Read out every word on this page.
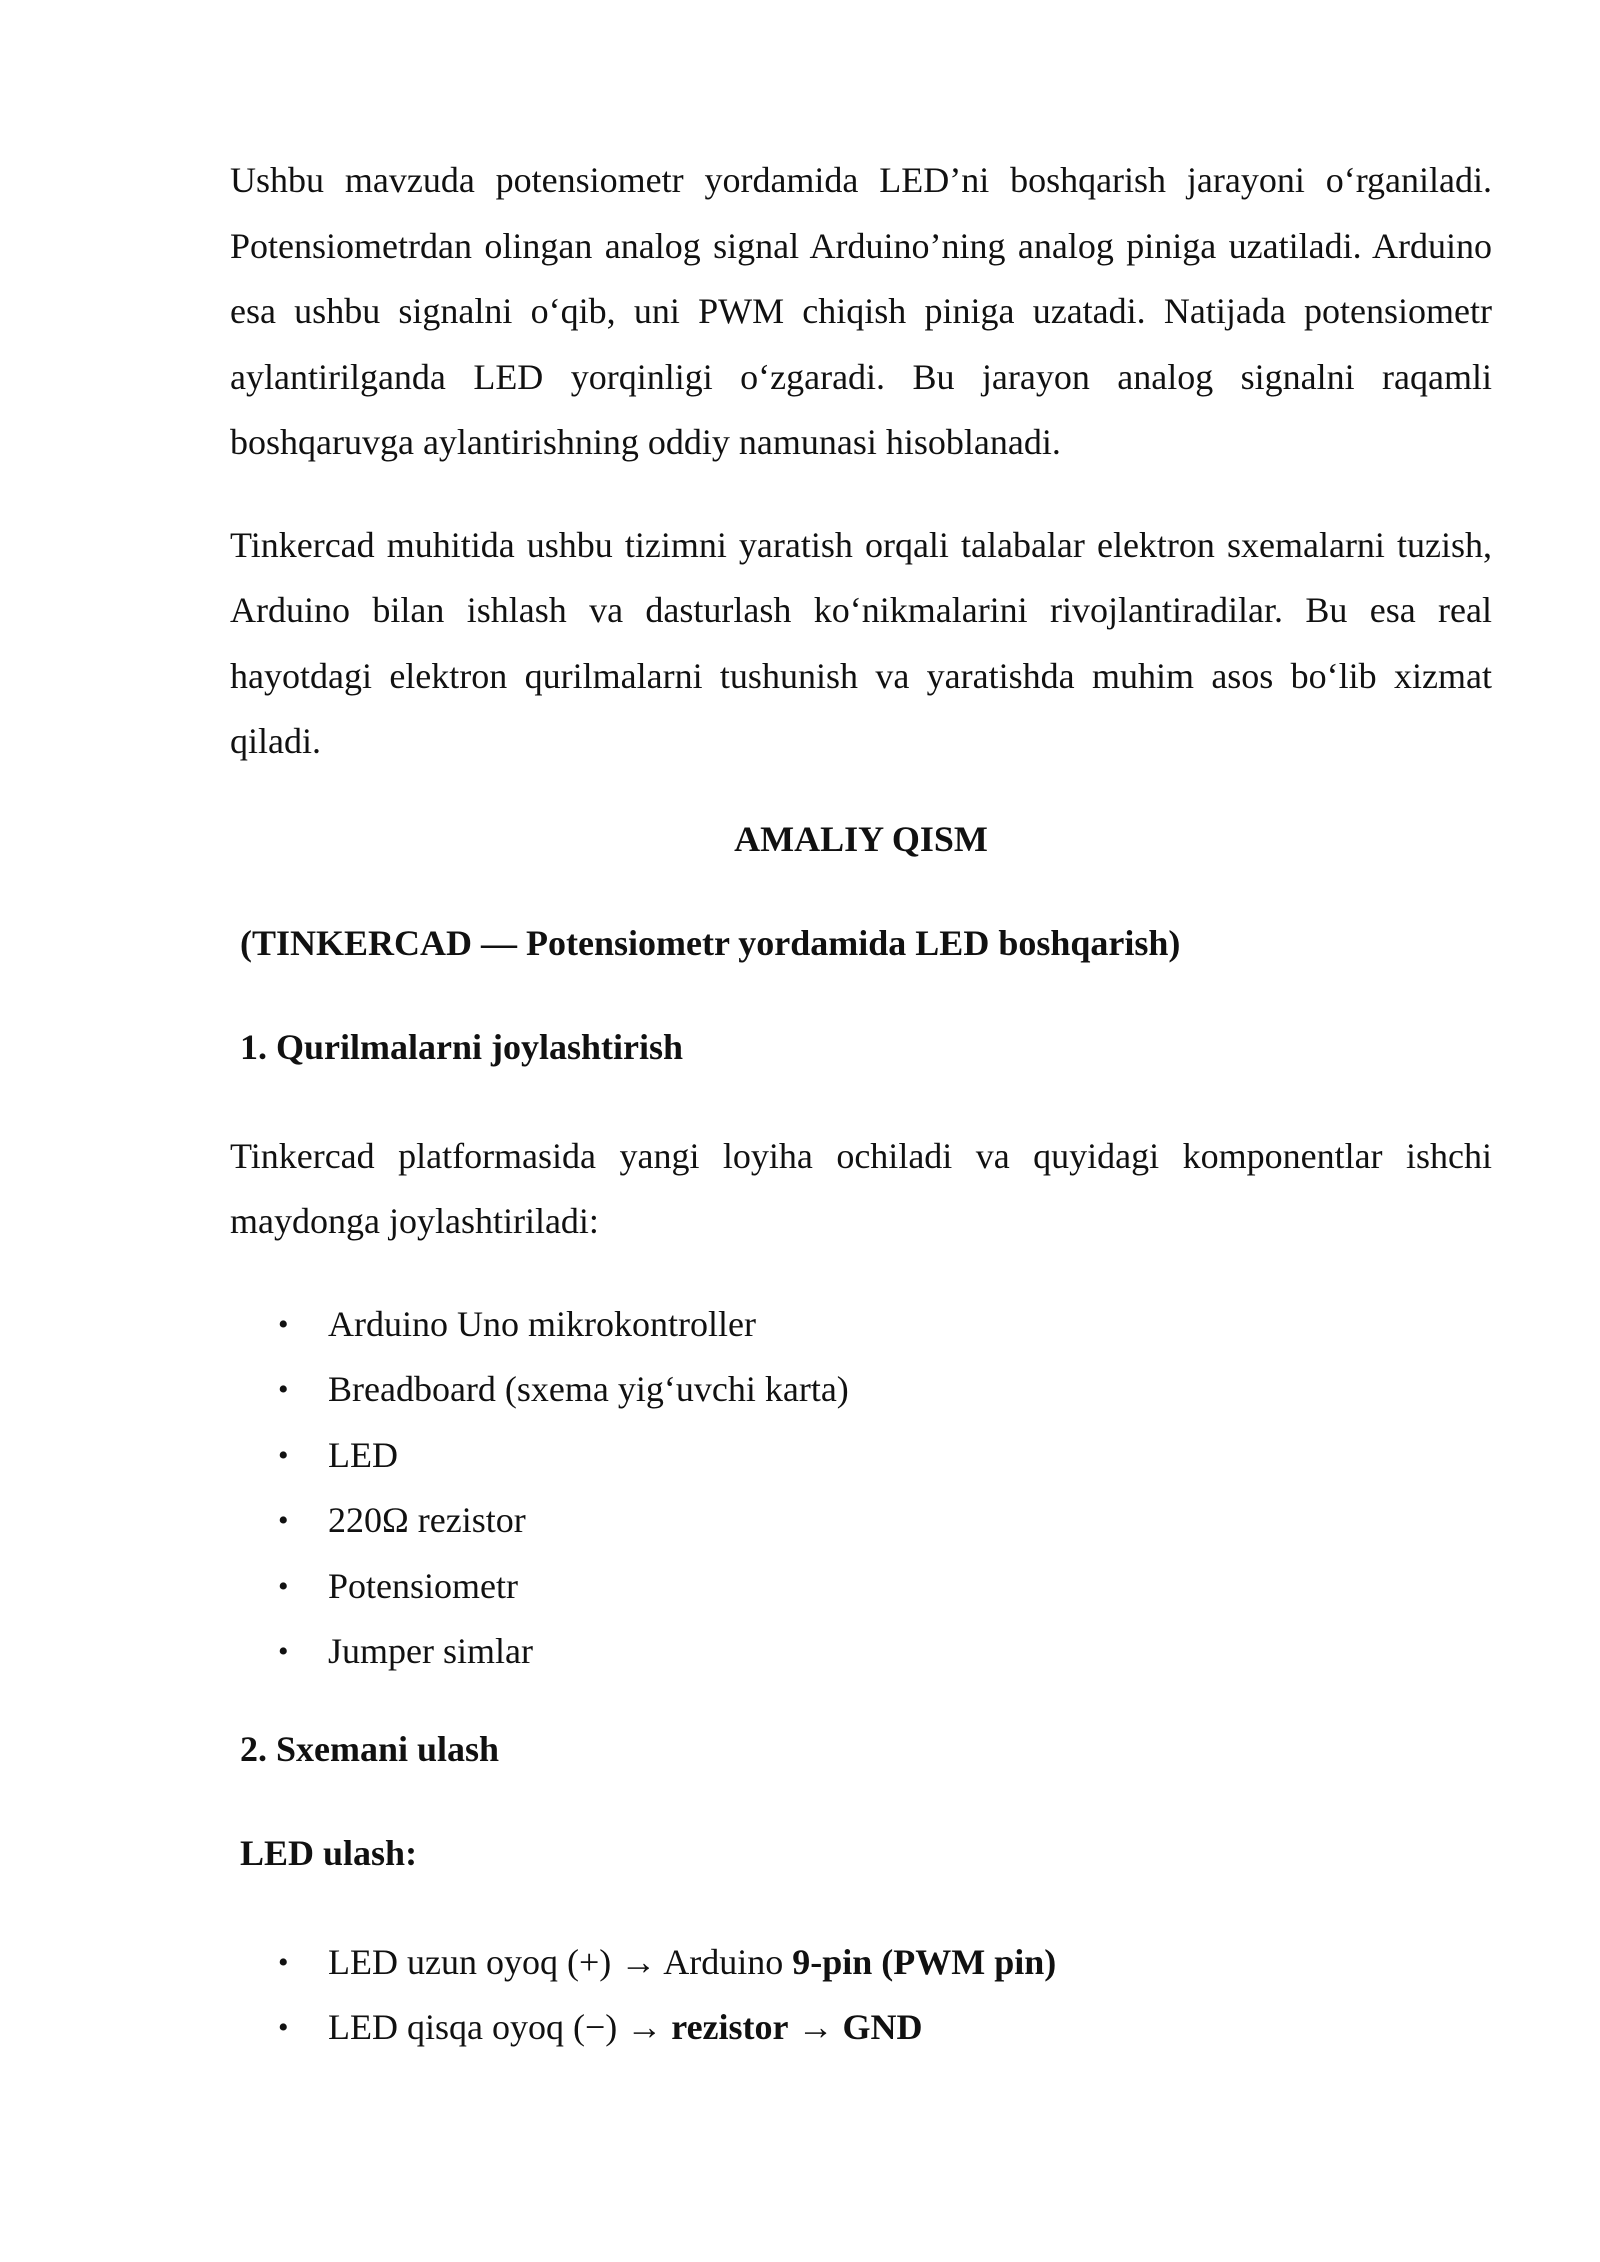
Ushbu mavzuda potensiometr yordamida LED’ni boshqarish jarayoni o‘rganiladi. Potensiometrdan olingan analog signal Arduino’ning analog piniga uzatiladi. Arduino esa ushbu signalni o‘qib, uni PWM chiqish piniga uzatadi. Natijada potensiometr aylantirilganda LED yorqinligi o‘zgaradi. Bu jarayon analog signalni raqamli boshqaruvga aylantirishning oddiy namunasi hisoblanadi.

Tinkercad muhitida ushbu tizimni yaratish orqali talabalar elektron sxemalarni tuzish, Arduino bilan ishlash va dasturlash ko‘nikmalarini rivojlantiradilar. Bu esa real hayotdagi elektron qurilmalarni tushunish va yaratishda muhim asos bo‘lib xizmat qiladi.

AMALIY QISM
(TINKERCAD — Potensiometr yordamida LED boshqarish)
1. Qurilmalarni joylashtirish

Tinkercad platformasida yangi loyiha ochiladi va quyidagi komponentlar ishchi maydonga joylashtiriladi:

• Arduino Uno mikrokontroller
• Breadboard (sxema yig‘uvchi karta)
• LED
• 220Ω rezistor
• Potensiometr
• Jumper simlar
2. Sxemani ulash
LED ulash:
• LED uzun oyoq (+) → Arduino 9-pin (PWM pin)
• LED qisqa oyoq (−) → rezistor → GND
